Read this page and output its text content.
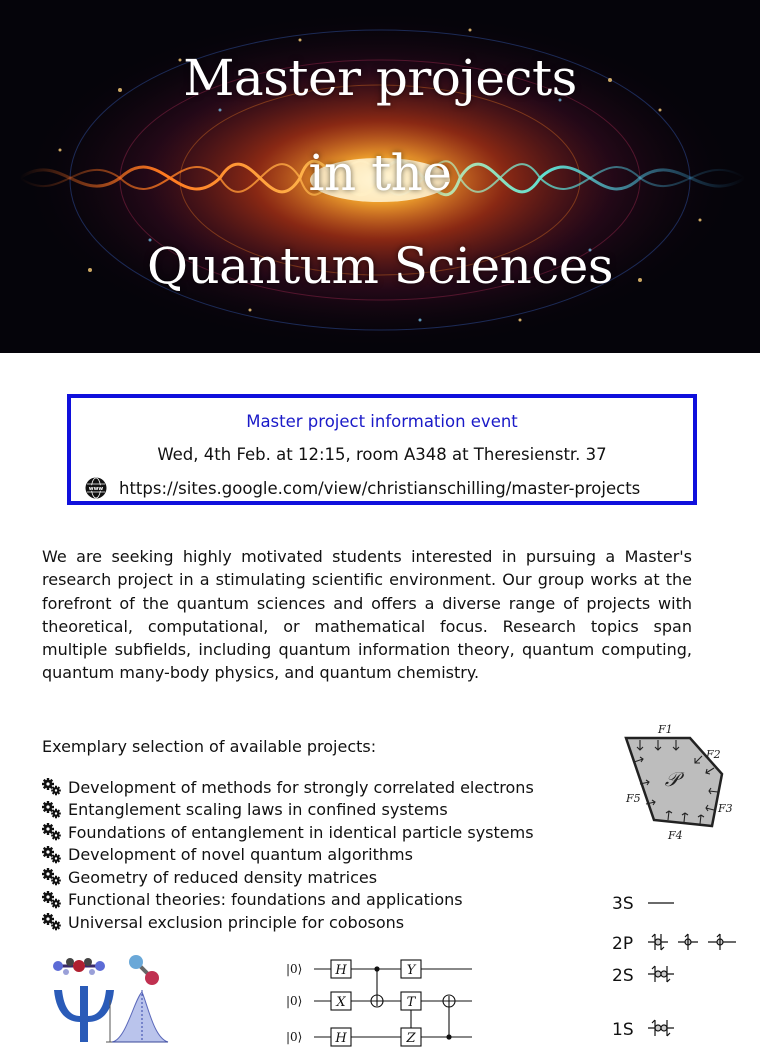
Master projects
in the
Quantum Sciences
Master project information event
Wed, 4th Feb. at 12:15, room A348 at Theresienstr. 37
www https://sites.google.com/view/christianschilling/master-projects
We are seeking highly motivated students interested in pursuing a Master's research project in a stimulating scientific environment. Our group works at the forefront of the quantum sciences and offers a diverse range of projects with theoretical, computational, or mathematical focus. Research topics span multiple subfields, including quantum information theory, quantum computing, quantum many-body physics, and quantum chemistry.
Exemplary selection of available projects:
Development of methods for strongly correlated electrons
Entanglement scaling laws in confined systems
Foundations of entanglement in identical particle systems
Development of novel quantum algorithms
Geometry of reduced density matrices
Functional theories: foundations and applications
Universal exclusion principle for cobosons
𝒫
F1
F2
F3
F4
F5
3S
2P
2S
1S
|0⟩
|0⟩
|0⟩
H	Y
X	T
H	Z
